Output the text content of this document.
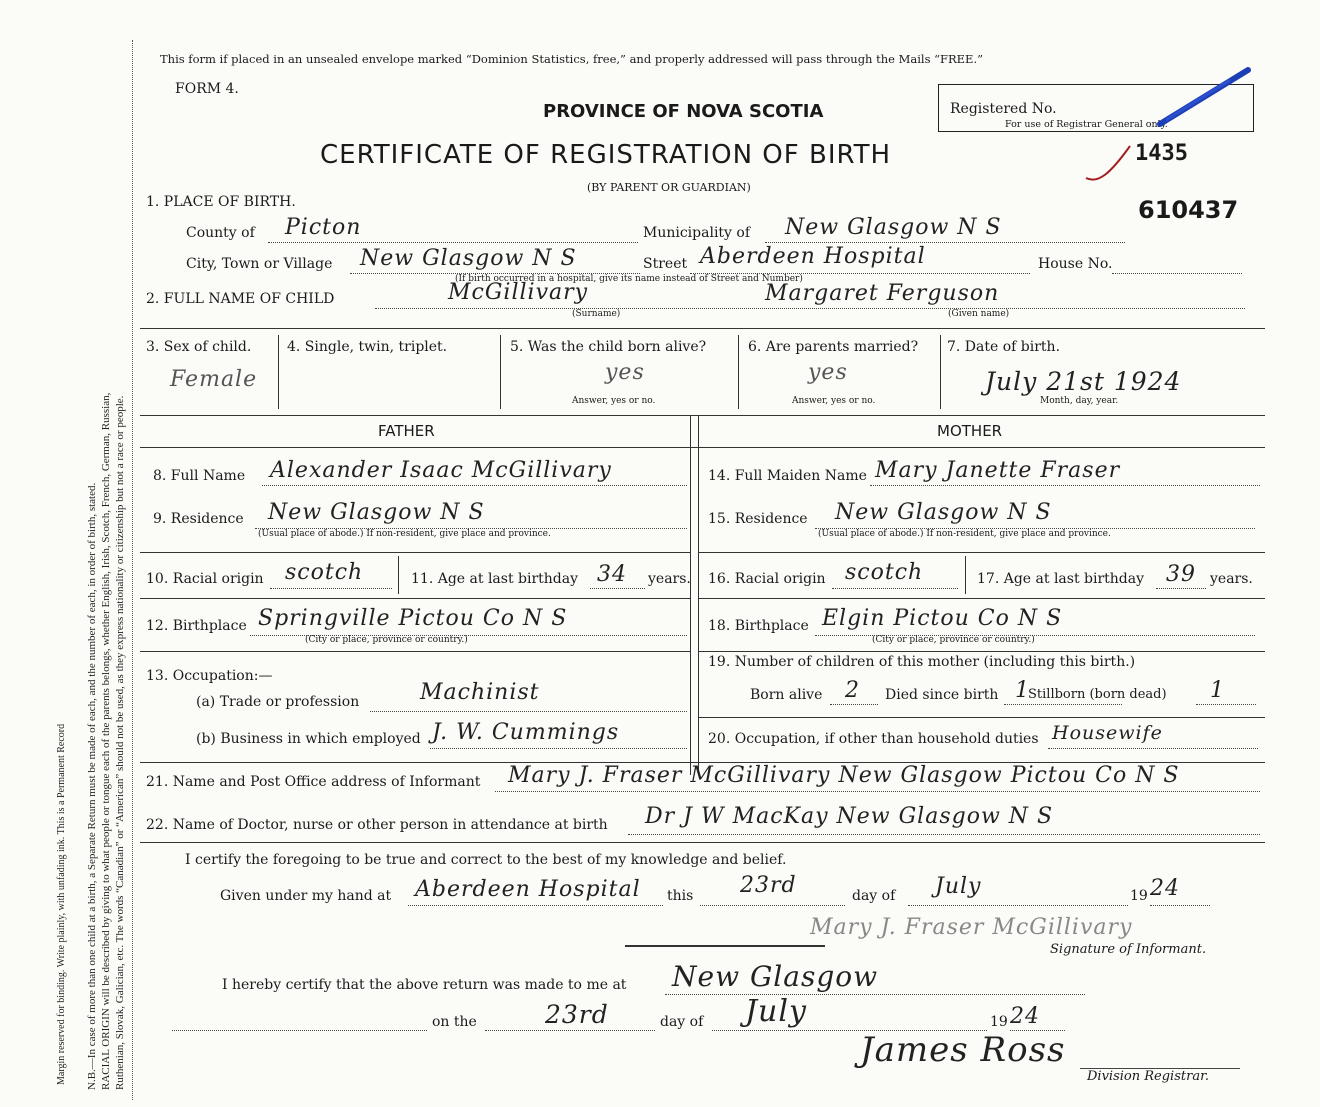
Margin reserved for binding. Write plainly, with unfading ink. This is a Permanent Record N.B.—In case of more than one child at a birth, a Separate Return must be made of each, and the number of each, in order of birth, stated. RACIAL ORIGIN will be described by giving to what people or tongue each of the parents belongs, whether English, Irish, Scotch, French, German, Russian, Ruthenian, Slovak, Galician, etc. The words “Canadian” or “American” should not be used, as they express nationality or citizenship but not a race or people.
This form if placed in an unsealed envelope marked “Dominion Statistics, free,” and properly addressed will pass through the Mails “FREE.”
FORM 4.
PROVINCE OF NOVA SCOTIA
CERTIFICATE OF REGISTRATION OF BIRTH
(BY PARENT OR GUARDIAN)
Registered No.
For use of Registrar General only.
1435
610437
1. PLACE OF BIRTH.
County of Picton	Municipality of New Glasgow N S
City, Town or Village New Glasgow N S	Street Aberdeen Hospital
(If birth occurred in a hospital, give its name instead of Street and Number)
House No.
2. FULL NAME OF CHILD	McGillivary	Margaret Ferguson
(Surname)	(Given name)
3. Sex of child.
Female
4. Single, twin, triplet.	5. Was the child born alive?
yes
Answer, yes or no.
6. Are parents married?
yes
Answer, yes or no.
7. Date of birth.
July 21st 1924
Month, day, year.
FATHER	MOTHER
8. Full Name Alexander Isaac McGillivary
9. Residence New Glasgow N S
(Usual place of abode.) If non-resident, give place and province.
10. Racial origin scotch	11. Age at last birthday 34 years.
12. Birthplace Springville Pictou Co N S
(City or place, province or country.)
13. Occupation:—
(a) Trade or profession	Machinist
(b) Business in which employed J. W. Cummings
14. Full Maiden Name Mary Janette Fraser
15. Residence New Glasgow N S
(Usual place of abode.) If non-resident, give place and province.
16. Racial origin scotch	17. Age at last birthday 39 years.
18. Birthplace Elgin Pictou Co N S
(City or place, province or country.)
19. Number of children of this mother (including this birth.)
Born alive 2 Died since birth 1
Stillborn (born dead) 1
20. Occupation, if other than household duties Housewife
21. Name and Post Office address of Informant Mary J. Fraser McGillivary New Glasgow Pictou Co N S
22. Name of Doctor, nurse or other person in attendance at birth Dr J W MacKay New Glasgow N S
I certify the foregoing to be true and correct to the best of my knowledge and belief.
Given under my hand at Aberdeen Hospital this 23rd	day of July	19 24
Mary J. Fraser McGillivary
Signature of Informant.
I hereby certify that the above return was made to me at New Glasgow
on the	23rd	day of July	19 24
James Ross
Division Registrar.
